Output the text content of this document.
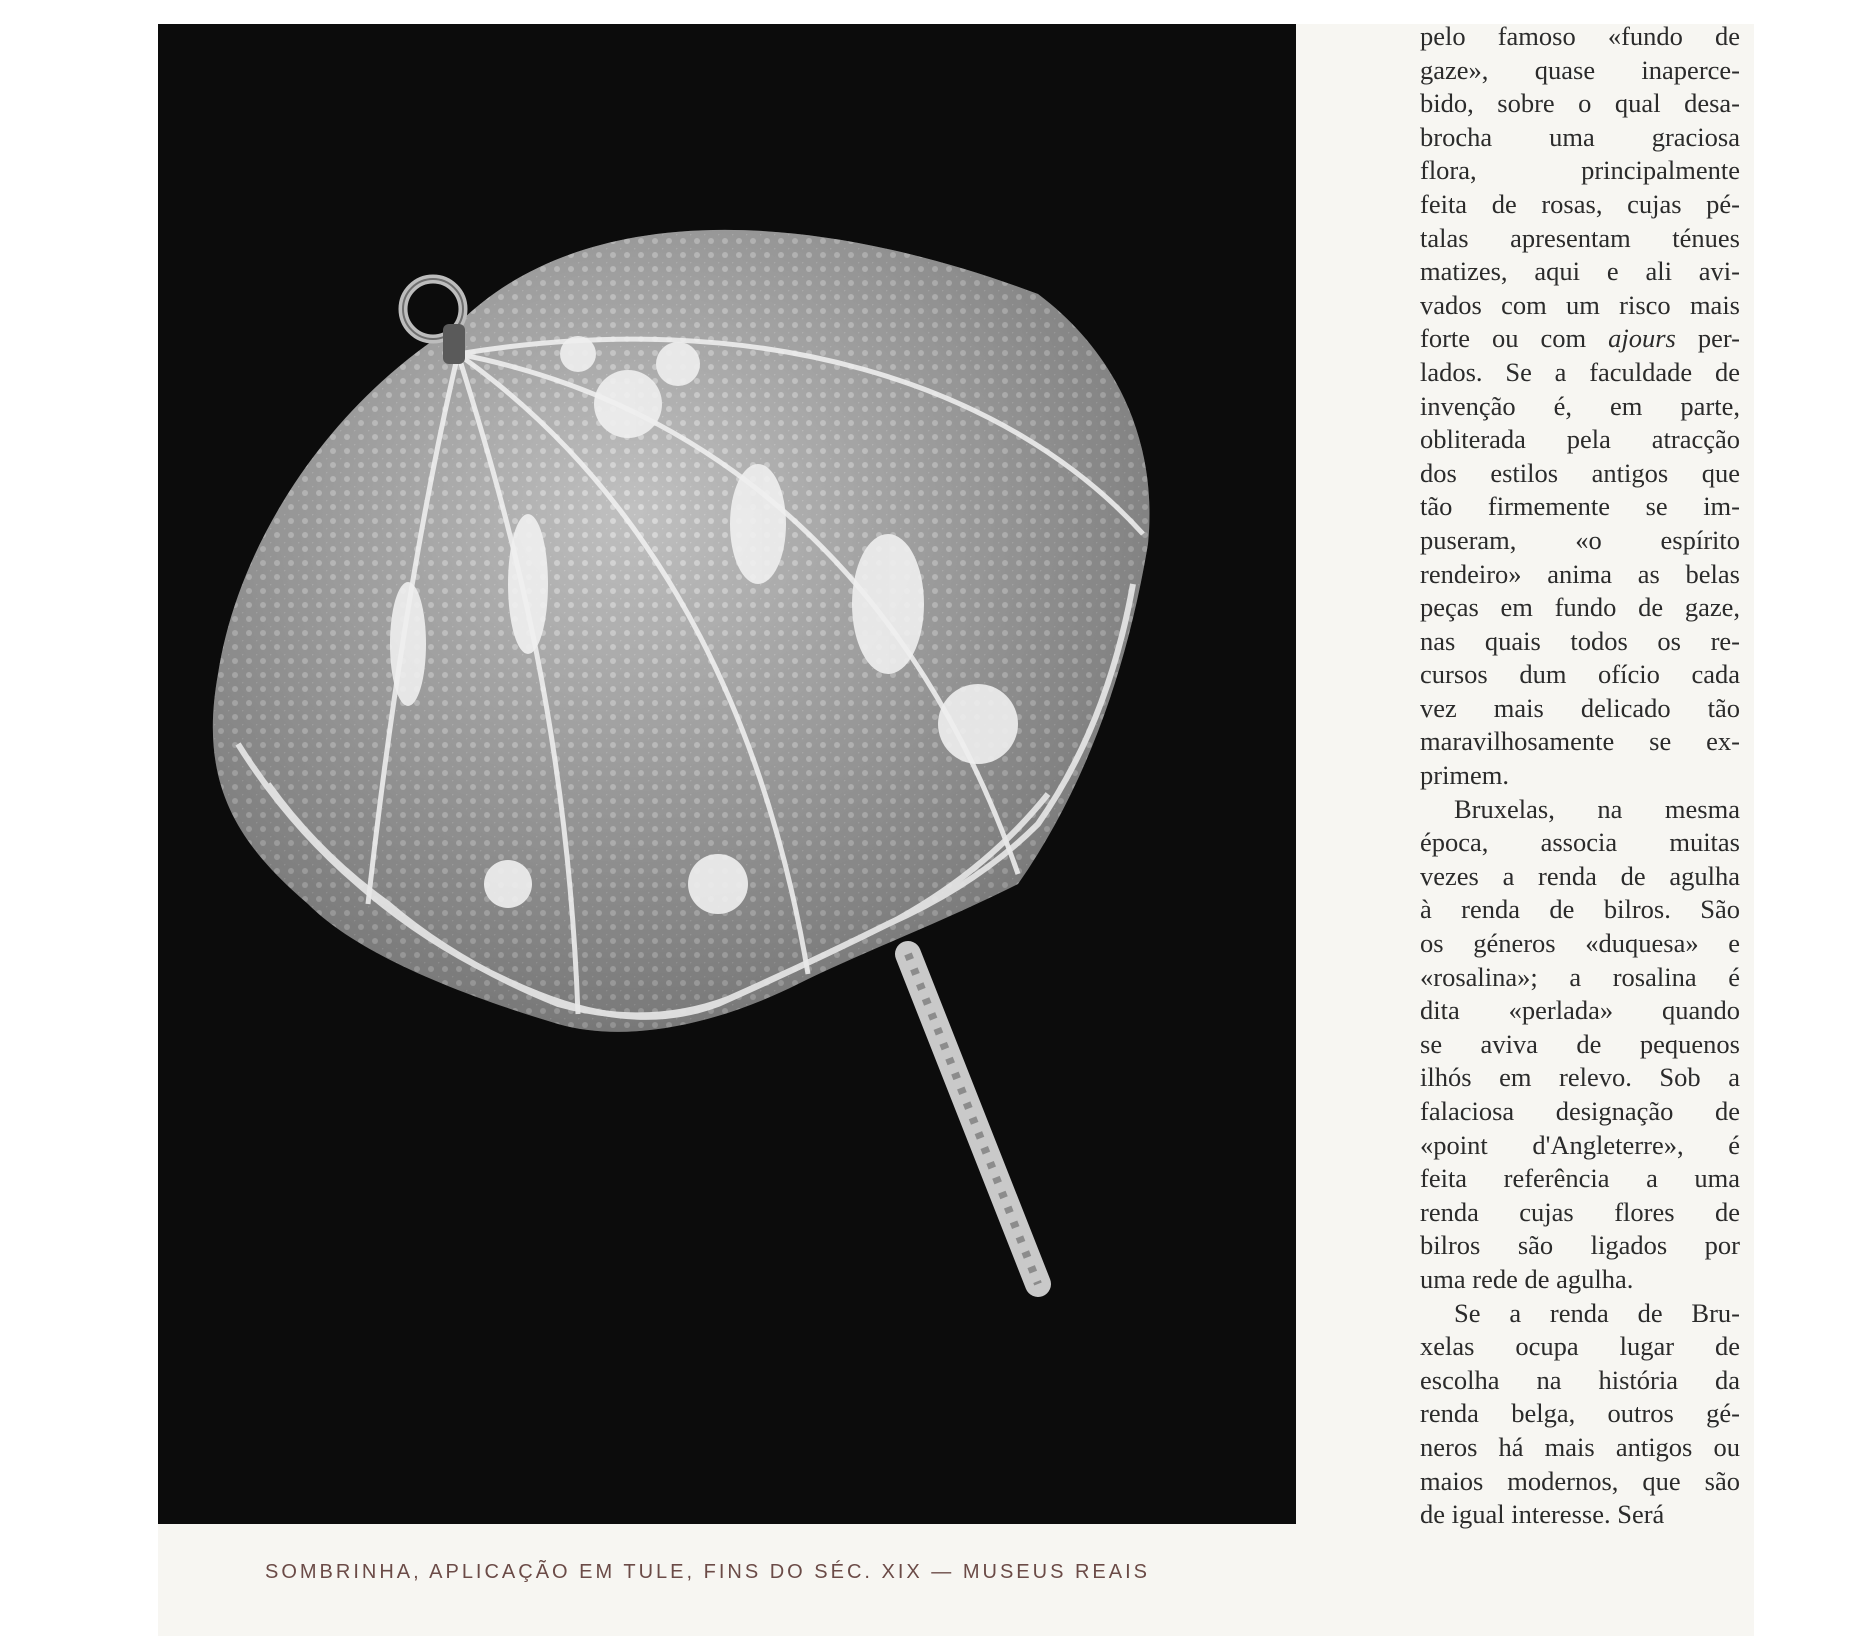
SOMBRINHA, APLICAÇÃO EM TULE, FINS DO SÉC. XIX — MUSEUS REAIS
pelo famoso «fundo de
gaze», quase inaperce-
bido, sobre o qual desa-
brocha uma graciosa
flora, principalmente
feita de rosas, cujas pé-
talas apresentam ténues
matizes, aqui e ali avi-
vados com um risco mais
forte ou com ajours per-
lados. Se a faculdade de
invenção é, em parte,
obliterada pela atracção
dos estilos antigos que
tão firmemente se im-
puseram, «o espírito
rendeiro» anima as belas
peças em fundo de gaze,
nas quais todos os re-
cursos dum ofício cada
vez mais delicado tão
maravilhosamente se ex-
primem.
Bruxelas, na mesma
época, associa muitas
vezes a renda de agulha
à renda de bilros. São
os géneros «duquesa» e
«rosalina»; a rosalina é
dita «perlada» quando
se aviva de pequenos
ilhós em relevo. Sob a
falaciosa designação de
«point d'Angleterre», é
feita referência a uma
renda cujas flores de
bilros são ligados por
uma rede de agulha.
Se a renda de Bru-
xelas ocupa lugar de
escolha na história da
renda belga, outros gé-
neros há mais antigos ou
maios modernos, que são
de igual interesse. Será
